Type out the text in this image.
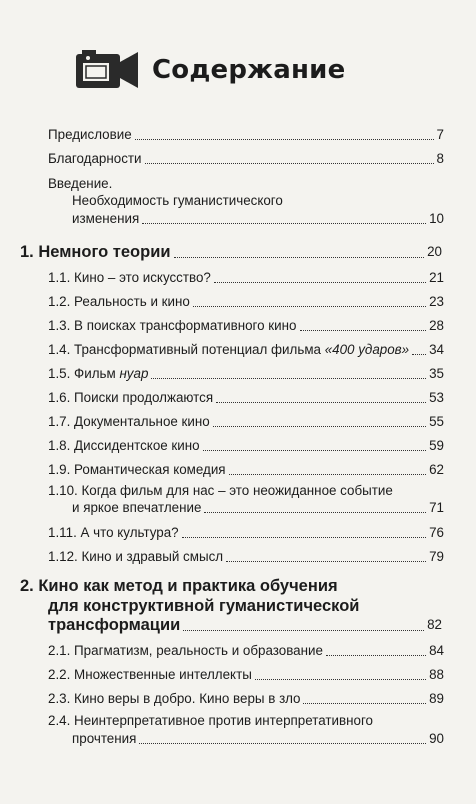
Содержание
Предисловие	7
Благодарности	8
Введение.
Необходимость гуманистического
изменения	10
1. Немного теории	20
1.1. Кино – это искусство?	21
1.2. Реальность и кино	23
1.3. В поисках трансформативного кино	28
1.4. Трансформативный потенциал фильма «400 ударов» 34
1.5. Фильм нуар	35
1.6. Поиски продолжаются	53
1.7. Документальное кино	55
1.8. Диссидентское кино	59
1.9. Романтическая комедия	62
1.10. Когда фильм для нас – это неожиданное событие
и яркое впечатление	71
1.11. А что культура?	76
1.12. Кино и здравый смысл	79
2. Кино как метод и практика обучения
для конструктивной гуманистической
трансформации	82
2.1. Прагматизм, реальность и образование	84
2.2. Множественные интеллекты	88
2.3. Кино веры в добро. Кино веры в зло	89
2.4. Неинтерпретативное против интерпретативного
прочтения	90
